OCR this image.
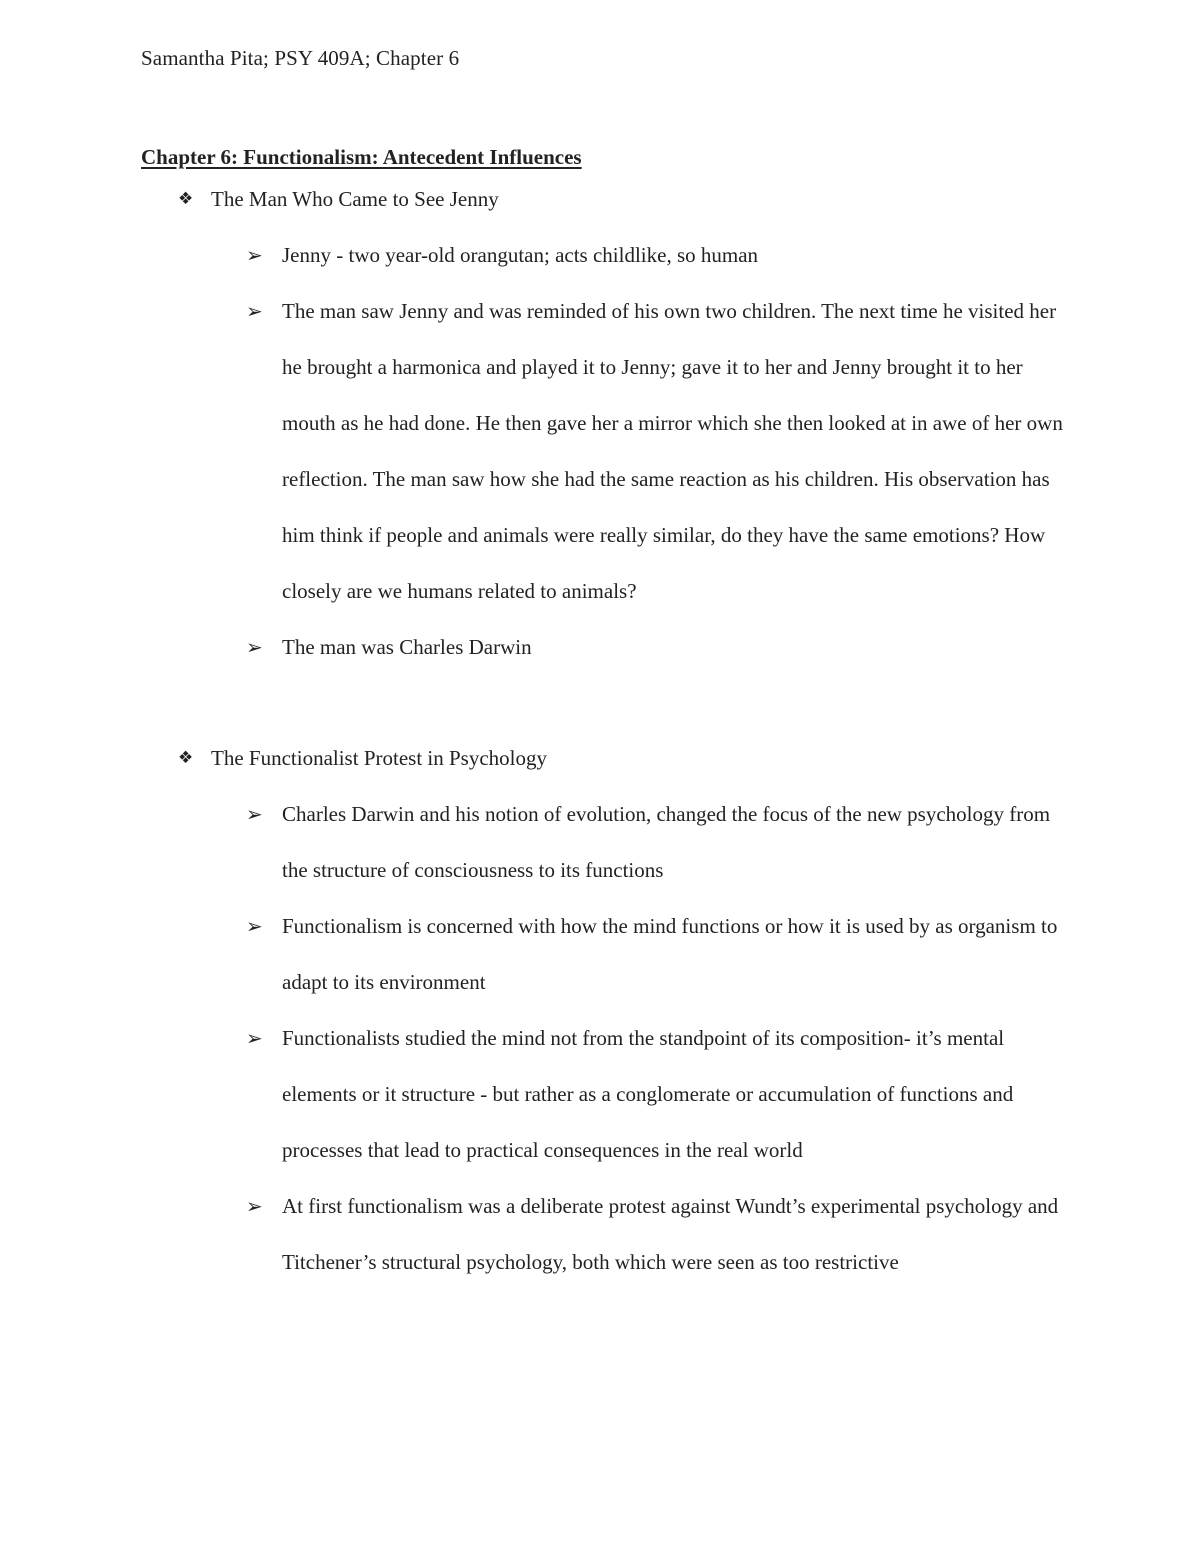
Samantha Pita; PSY 409A; Chapter 6
Chapter 6: Functionalism: Antecedent Influences
❖ The Man Who Came to See Jenny
➢ Jenny - two year-old orangutan; acts childlike, so human
➢ The man saw Jenny and was reminded of his own two children. The next time he visited her he brought a harmonica and played it to Jenny; gave it to her and Jenny brought it to her mouth as he had done. He then gave her a mirror which she then looked at in awe of her own reflection. The man saw how she had the same reaction as his children. His observation has him think if people and animals were really similar, do they have the same emotions? How closely are we humans related to animals?
➢ The man was Charles Darwin
❖ The Functionalist Protest in Psychology
➢ Charles Darwin and his notion of evolution, changed the focus of the new psychology from the structure of consciousness to its functions
➢ Functionalism is concerned with how the mind functions or how it is used by as organism to adapt to its environment
➢ Functionalists studied the mind not from the standpoint of its composition- it’s mental elements or it structure - but rather as a conglomerate or accumulation of functions and processes that lead to practical consequences in the real world
➢ At first functionalism was a deliberate protest against Wundt’s experimental psychology and Titchener’s structural psychology, both which were seen as too restrictive
